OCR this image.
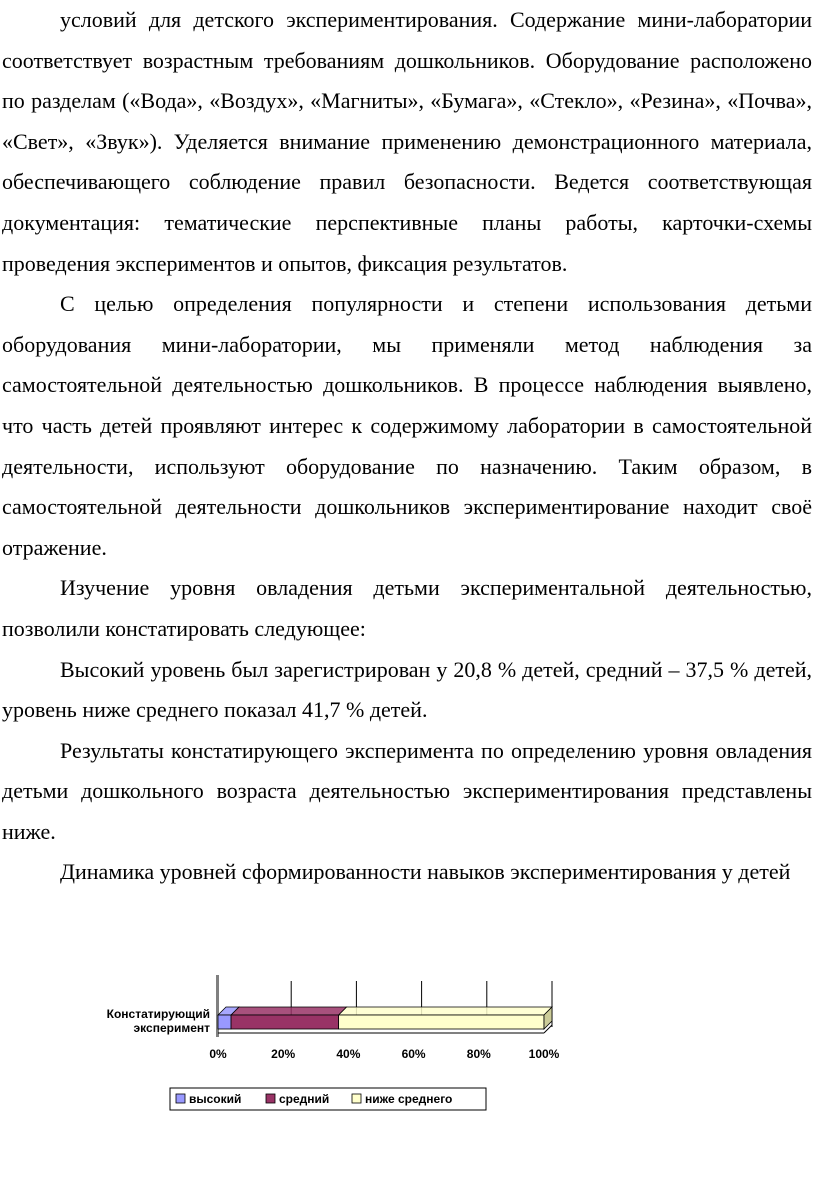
условий для детского экспериментирования. Содержание мини-лаборатории соответствует возрастным требованиям дошкольников. Оборудование расположено по разделам («Вода», «Воздух», «Магниты», «Бумага», «Стекло», «Резина», «Почва», «Свет», «Звук»). Уделяется внимание применению демонстрационного материала, обеспечивающего соблюдение правил безопасности. Ведется соответствующая документация: тематические перспективные планы работы, карточки-схемы проведения экспериментов и опытов, фиксация результатов.

С целью определения популярности и степени использования детьми оборудования мини-лаборатории, мы применяли метод наблюдения за самостоятельной деятельностью дошкольников. В процессе наблюдения выявлено, что часть детей проявляют интерес к содержимому лаборатории в самостоятельной деятельности, используют оборудование по назначению. Таким образом, в самостоятельной деятельности дошкольников экспериментирование находит своё отражение.

Изучение уровня овладения детьми экспериментальной деятельностью, позволили констатировать следующее:

Высокий уровень был зарегистрирован у 20,8 % детей, средний – 37,5 % детей, уровень ниже среднего показал 41,7 % детей.

Результаты констатирующего эксперимента по определению уровня овладения детьми дошкольного возраста деятельностью экспериментирования представлены ниже.

Динамика уровней сформированности навыков экспериментирования у детей

Констатирующий
эксперимент
0%	20%	40%	60%	80%	100%
высокий	средний	ниже среднего
